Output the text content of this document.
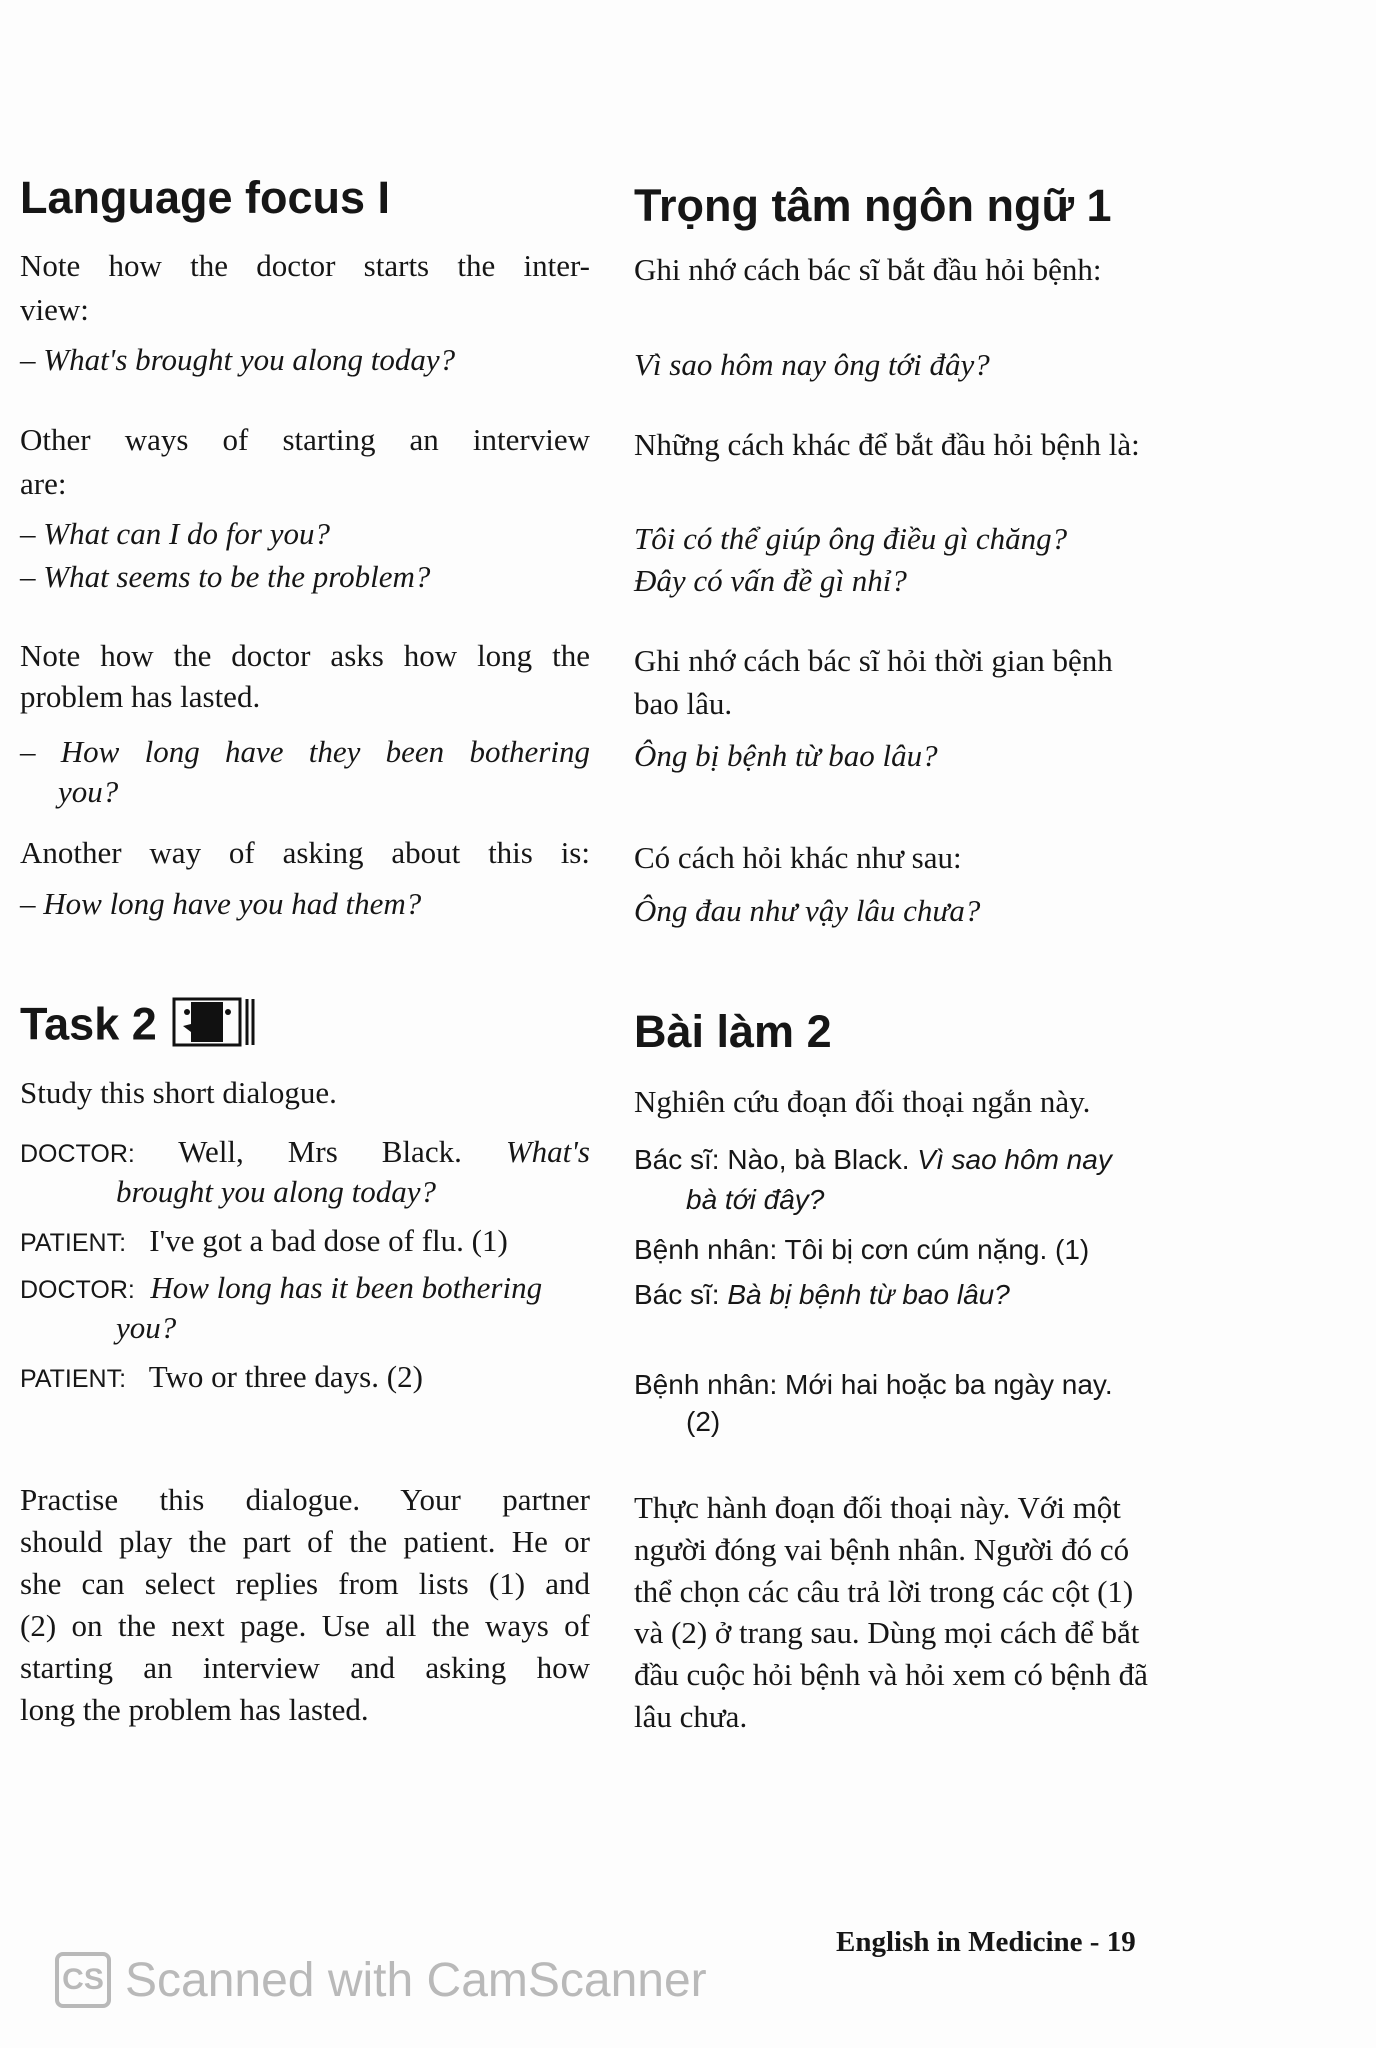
Language focus I
Note how the doctor starts the inter-
view:
– What's brought you along today?
Other ways of starting an interview
are:
– What can I do for you?
– What seems to be the problem?
Note how the doctor asks how long the
problem has lasted.
– How long have they been bothering
you?
Another way of asking about this is:
– How long have you had them?
Task 2
Study this short dialogue.
DOCTOR: Well, Mrs Black. What's
brought you along today?
PATIENT: I've got a bad dose of flu. (1)
DOCTOR: How long has it been bothering
you?
PATIENT: Two or three days. (2)
Practise this dialogue. Your partner
should play the part of the patient. He or
she can select replies from lists (1) and
(2) on the next page. Use all the ways of
starting an interview and asking how
long the problem has lasted.
Trọng tâm ngôn ngữ 1
Ghi nhớ cách bác sĩ bắt đầu hỏi bệnh:
Vì sao hôm nay ông tới đây?
Những cách khác để bắt đầu hỏi bệnh là:
Tôi có thể giúp ông điều gì chăng?
Đây có vấn đề gì nhỉ?
Ghi nhớ cách bác sĩ hỏi thời gian bệnh
bao lâu.
Ông bị bệnh từ bao lâu?
Có cách hỏi khác như sau:
Ông đau như vậy lâu chưa?
Bài làm 2
Nghiên cứu đoạn đối thoại ngắn này.
Bác sĩ: Nào, bà Black. Vì sao hôm nay
bà tới đây?
Bệnh nhân: Tôi bị cơn cúm nặng. (1)
Bác sĩ: Bà bị bệnh từ bao lâu?
Bệnh nhân: Mới hai hoặc ba ngày nay.
(2)
Thực hành đoạn đối thoại này. Với một
người đóng vai bệnh nhân. Người đó có
thể chọn các câu trả lời trong các cột (1)
và (2) ở trang sau. Dùng mọi cách để bắt
đầu cuộc hỏi bệnh và hỏi xem có bệnh đã
lâu chưa.
English in Medicine - 19
CS Scanned with CamScanner
